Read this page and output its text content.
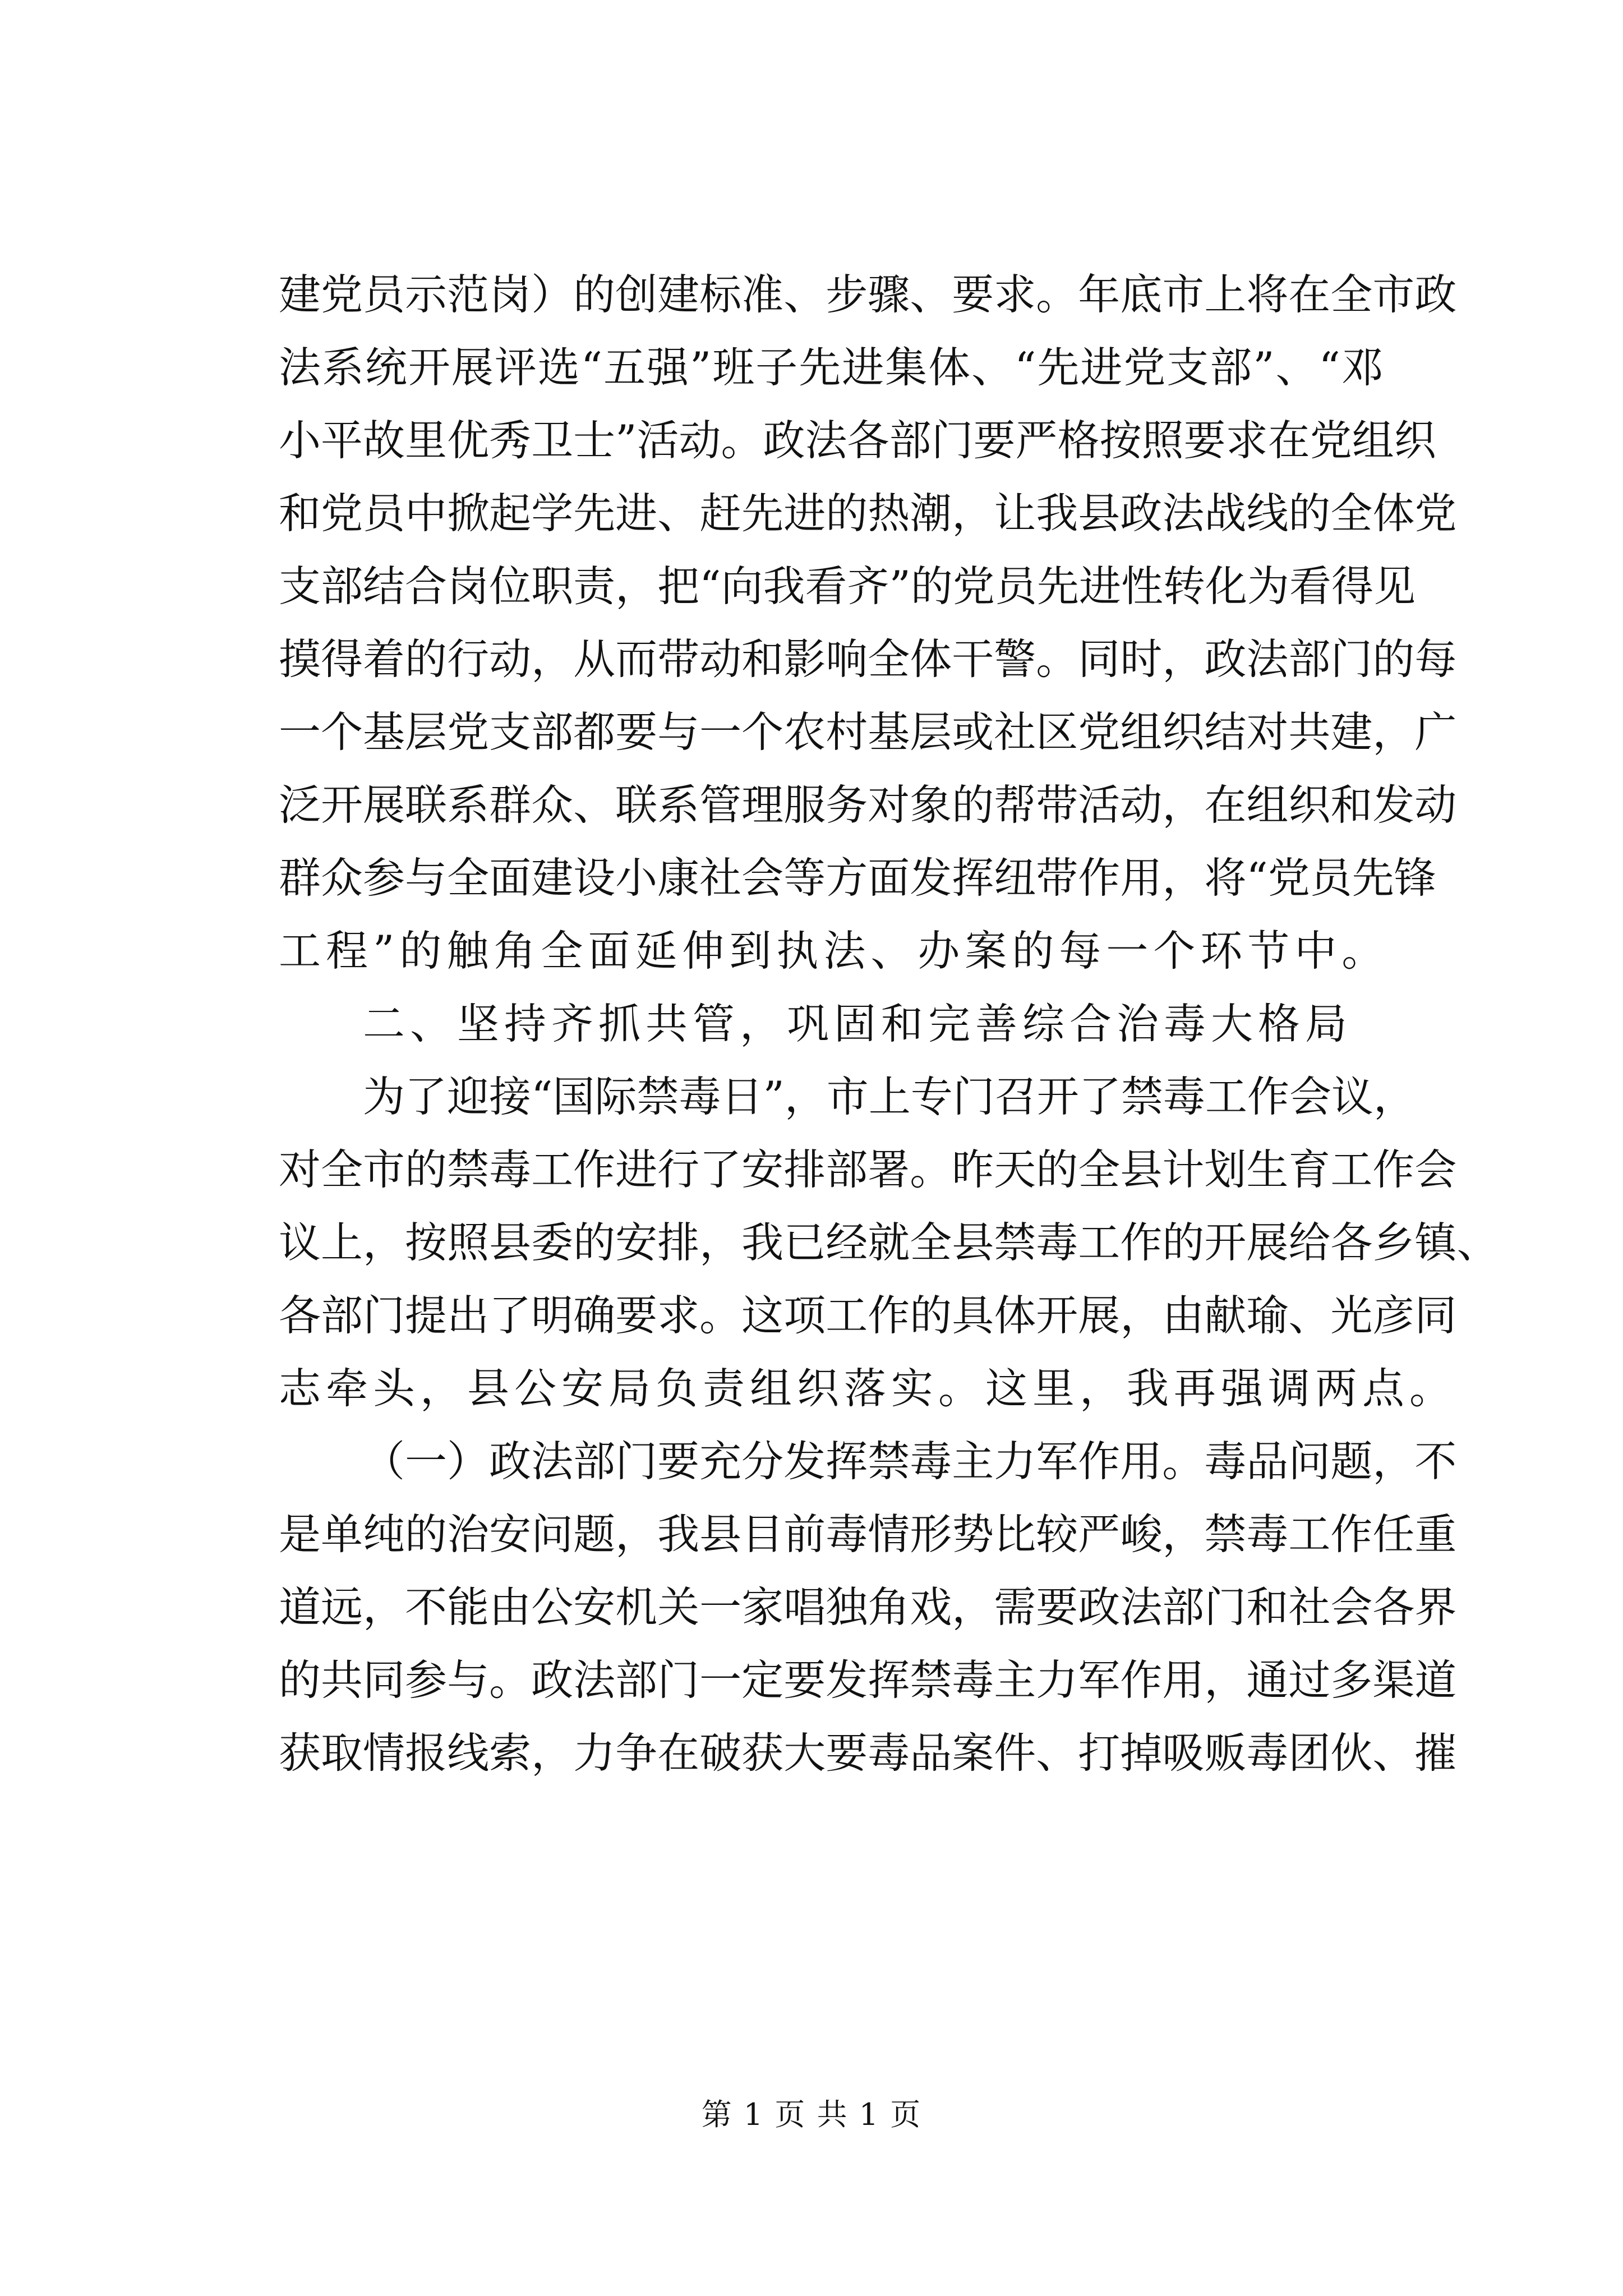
建 党 员 示 范 岗 ） 的 创 建 标 准 、 步 骤 、 要 求 。 年 底 市 上 将 在 全 市 政
法 系 统 开 展 评 选 “ 五 强 ” 班 子 先 进 集 体 、 “ 先 进 党 支 部 ” 、 “ 邓
小 平 故 里 优 秀 卫 士 ” 活 动 。 政 法 各 部 门 要 严 格 按 照 要 求 在 党 组 织
和 党 员 中 掀 起 学 先 进 、 赶 先 进 的 热 潮 ， 让 我 县 政 法 战 线 的 全 体 党
支 部 结 合 岗 位 职 责 ， 把 “ 向 我 看 齐 ” 的 党 员 先 进 性 转 化 为 看 得 见
摸 得 着 的 行 动 ， 从 而 带 动 和 影 响 全 体 干 警 。 同 时 ， 政 法 部 门 的 每
一 个 基 层 党 支 部 都 要 与 一 个 农 村 基 层 或 社 区 党 组 织 结 对 共 建 ， 广
泛 开 展 联 系 群 众 、 联 系 管 理 服 务 对 象 的 帮 带 活 动 ， 在 组 织 和 发 动
群 众 参 与 全 面 建 设 小 康 社 会 等 方 面 发 挥 纽 带 作 用 ， 将 “ 党 员 先 锋
工程”的触角全面延伸到执法、办案的每一个环节中。
二、坚持齐抓共管，巩固和完善综合治毒大格局
为 了 迎 接 “ 国 际 禁 毒 日 ” ， 市 上 专 门 召 开 了 禁 毒 工 作 会 议 ，
对 全 市 的 禁 毒 工 作 进 行 了 安 排 部 署 。 昨 天 的 全 县 计 划 生 育 工 作 会
议 上 ， 按 照 县 委 的 安 排 ， 我 已 经 就 全 县 禁 毒 工 作 的 开 展 给 各 乡 镇 、
各 部 门 提 出 了 明 确 要 求 。 这 项 工 作 的 具 体 开 展 ， 由 献 瑜 、 光 彦 同
志牵头，县公安局负责组织落实。这里，我再强调两点。
（ 一 ） 政 法 部 门 要 充 分 发 挥 禁 毒 主 力 军 作 用 。 毒 品 问 题 ， 不
是 单 纯 的 治 安 问 题 ， 我 县 目 前 毒 情 形 势 比 较 严 峻 ， 禁 毒 工 作 任 重
道 远 ， 不 能 由 公 安 机 关 一 家 唱 独 角 戏 ， 需 要 政 法 部 门 和 社 会 各 界
的 共 同 参 与 。 政 法 部 门 一 定 要 发 挥 禁 毒 主 力 军 作 用 ， 通 过 多 渠 道
获 取 情 报 线 索 ， 力 争 在 破 获 大 要 毒 品 案 件 、 打 掉 吸 贩 毒 团 伙 、 摧
第 1 页 共 1 页
